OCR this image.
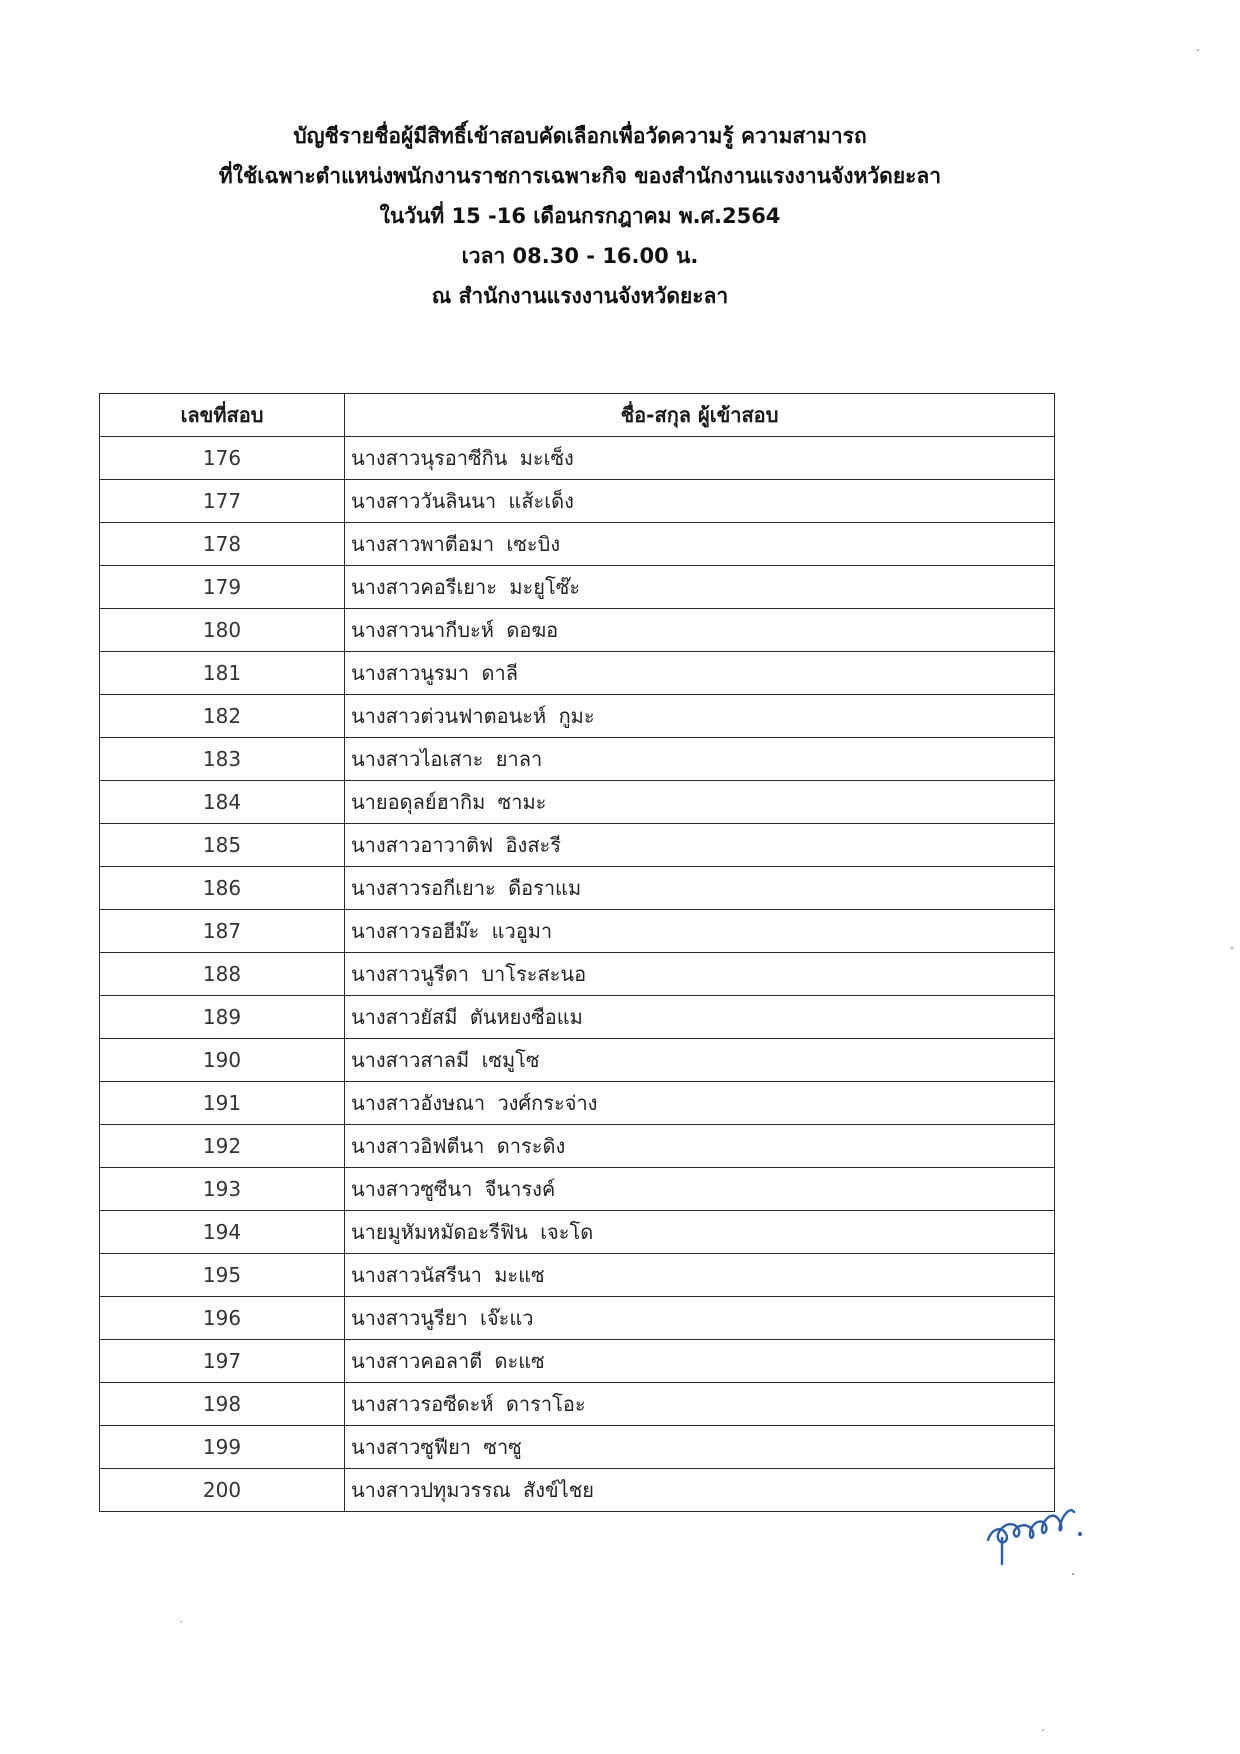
บัญชีรายชื่อผู้มีสิทธิ์เข้าสอบคัดเลือกเพื่อวัดความรู้ ความสามารถ
ที่ใช้เฉพาะตำแหน่งพนักงานราชการเฉพาะกิจ ของสำนักงานแรงงานจังหวัดยะลา
ในวันที่ 15 -16 เดือนกรกฎาคม พ.ศ.2564
เวลา 08.30 - 16.00 น.
ณ สำนักงานแรงงานจังหวัดยะลา
เลขที่สอบ	ชื่อ-สกุล ผู้เข้าสอบ
176	นางสาวนุรอาซีกิน มะเซ็ง
177	นางสาววันลินนา แส้ะเด็ง
178	นางสาวพาตีอมา เซะบิง
179	นางสาวคอรีเยาะ มะยูโซ๊ะ
180	นางสาวนากีบะห์ ดอฆอ
181	นางสาวนูรมา ดาลี
182	นางสาวต่วนฟาตอนะห์ กูมะ
183	นางสาวไอเสาะ ยาลา
184	นายอดุลย์ฮากิม ซามะ
185	นางสาวอาวาติฟ อิงสะรี
186	นางสาวรอกีเยาะ ดือราแม
187	นางสาวรอฮีม๊ะ แวอูมา
188	นางสาวนูรีดา บาโระสะนอ
189	นางสาวยัสมี ตันหยงซือแม
190	นางสาวสาลมี เซมูโซ
191	นางสาวอังษณา วงศ์กระจ่าง
192	นางสาวอิฟตีนา ดาระดิง
193	นางสาวซูซีนา จีนารงค์
194	นายมูหัมหมัดอะรีฟิน เจะโด
195	นางสาวนัสรีนา มะแซ
196	นางสาวนูรียา เจ๊ะแว
197	นางสาวคอลาตี ดะแซ
198	นางสาวรอซีดะห์ ดาราโอะ
199	นางสาวซูฟียา ซาซู
200	นางสาวปทุมวรรณ สังข์ไชย
